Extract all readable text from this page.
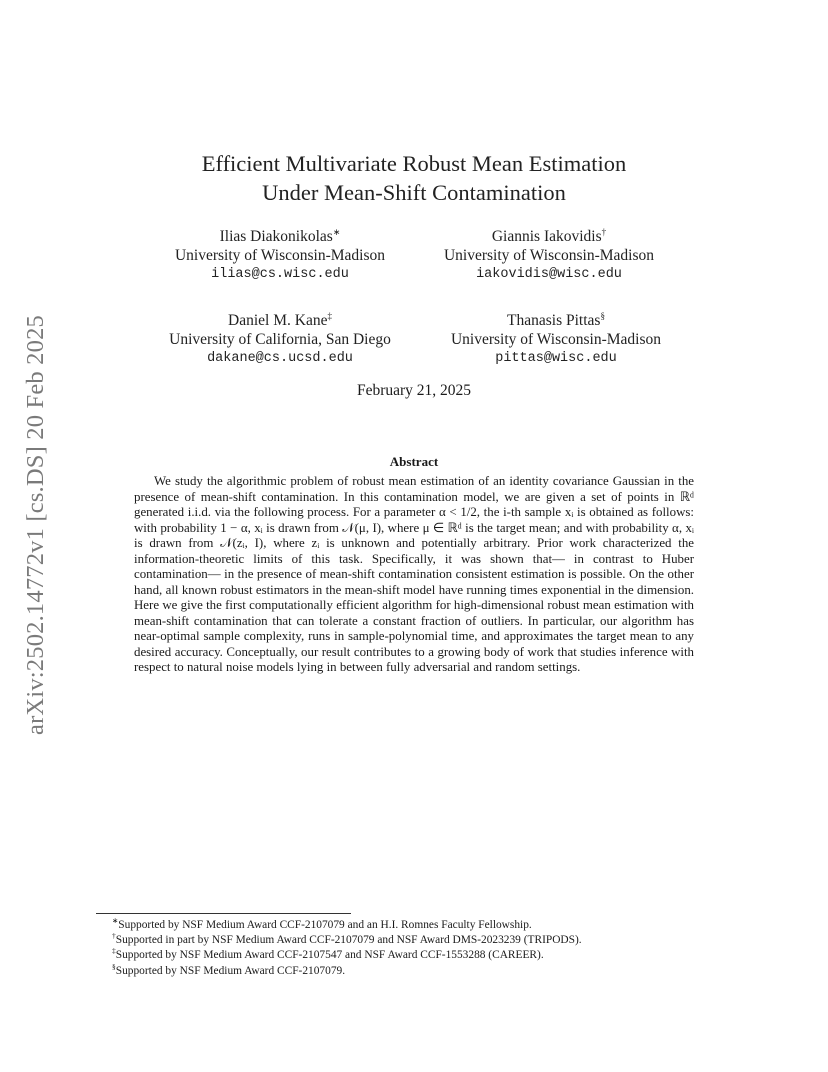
arXiv:2502.14772v1 [cs.DS] 20 Feb 2025
Efficient Multivariate Robust Mean Estimation
Under Mean-Shift Contamination
Ilias Diakonikolas∗
University of Wisconsin-Madison
ilias@cs.wisc.edu
Giannis Iakovidis†
University of Wisconsin-Madison
iakovidis@wisc.edu
Daniel M. Kane‡
University of California, San Diego
dakane@cs.ucsd.edu
Thanasis Pittas§
University of Wisconsin-Madison
pittas@wisc.edu
February 21, 2025
Abstract

We study the algorithmic problem of robust mean estimation of an identity covariance Gaussian in the presence of mean-shift contamination. In this contamination model, we are given a set of points in ℝᵈ generated i.i.d. via the following process. For a parameter α < 1/2, the i-th sample xᵢ is obtained as follows: with probability 1 − α, xᵢ is drawn from 𝒩(μ, I), where μ ∈ ℝᵈ is the target mean; and with probability α, xᵢ is drawn from 𝒩(zᵢ, I), where zᵢ is unknown and potentially arbitrary. Prior work characterized the information-theoretic limits of this task. Specifically, it was shown that— in contrast to Huber contamination— in the presence of mean-shift contamination consistent estimation is possible. On the other hand, all known robust estimators in the mean-shift model have running times exponential in the dimension. Here we give the first computationally efficient algorithm for high-dimensional robust mean estimation with mean-shift contamination that can tolerate a constant fraction of outliers. In particular, our algorithm has near-optimal sample complexity, runs in sample-polynomial time, and approximates the target mean to any desired accuracy. Conceptually, our result contributes to a growing body of work that studies inference with respect to natural noise models lying in between fully adversarial and random settings.

∗Supported by NSF Medium Award CCF-2107079 and an H.I. Romnes Faculty Fellowship.
†Supported in part by NSF Medium Award CCF-2107079 and NSF Award DMS-2023239 (TRIPODS).
‡Supported by NSF Medium Award CCF-2107547 and NSF Award CCF-1553288 (CAREER).
§Supported by NSF Medium Award CCF-2107079.
